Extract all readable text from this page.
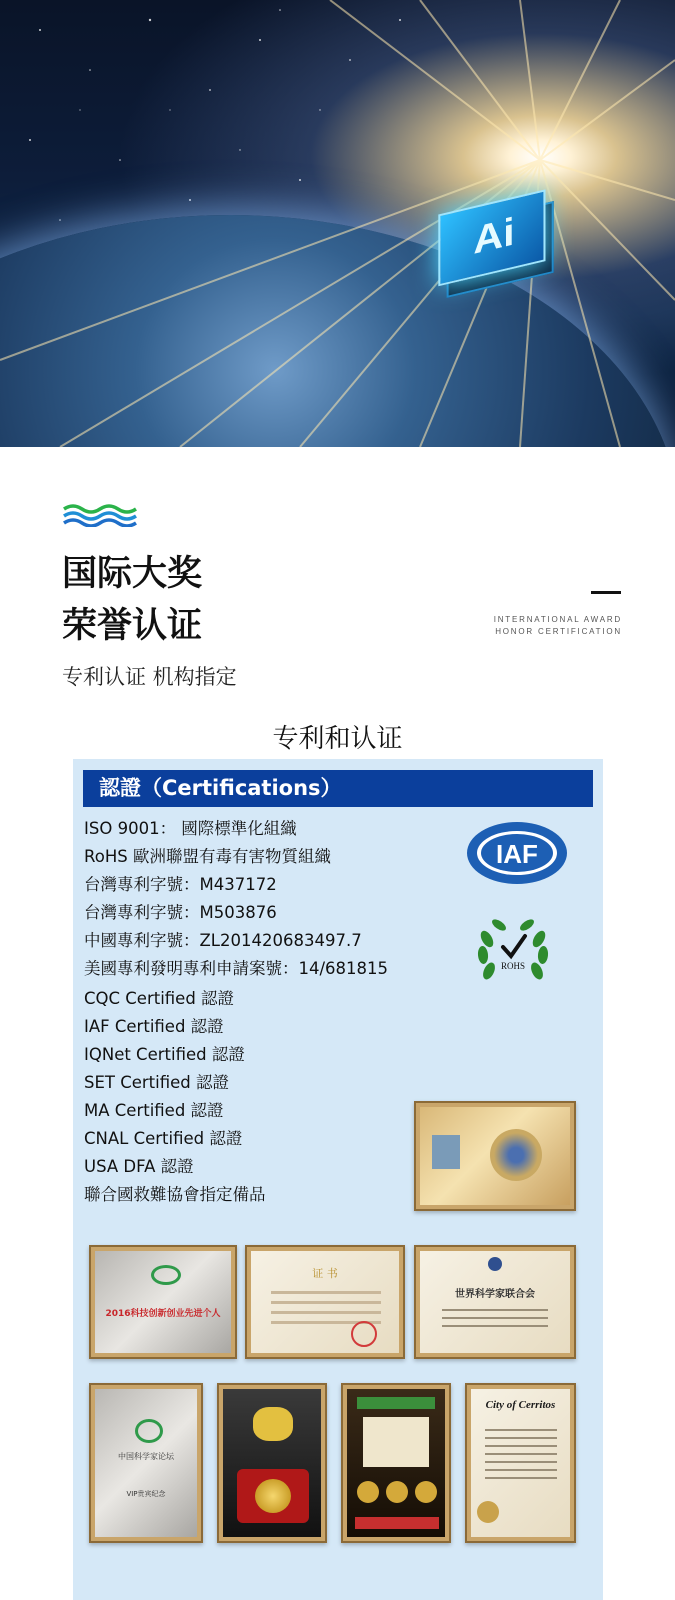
Ai
国际大奖
荣誉认证	INTERNATIONAL AWARD
HONOR CERTIFICATION
专利认证 机构指定
专利和认证
認證（Certifications）
ISO 9001： 國際標準化組織
RoHS 歐洲聯盟有毒有害物質組織
台灣專利字號：M437172
台灣專利字號：M503876
中國專利字號：ZL201420683497.7
美國專利發明專利申請案號：14/681815
CQC Certified 認證
IAF Certified 認證
IQNet Certified 認證
SET Certified 認證
MA Certified 認證
CNAL Certified 認證
USA DFA 認證
聯合國救難協會指定備品
IAF
ROHS
2016科技创新创业先进个人
证 书
世界科学家联合会
中国科学家论坛
VIP贵宾纪念
City of Cerritos
